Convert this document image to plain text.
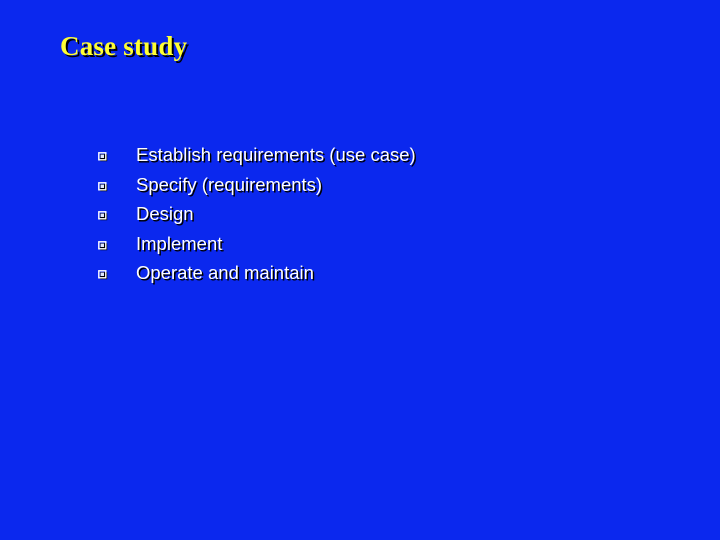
Case study
Establish requirements (use case)
Specify (requirements)
Design
Implement
Operate and maintain
